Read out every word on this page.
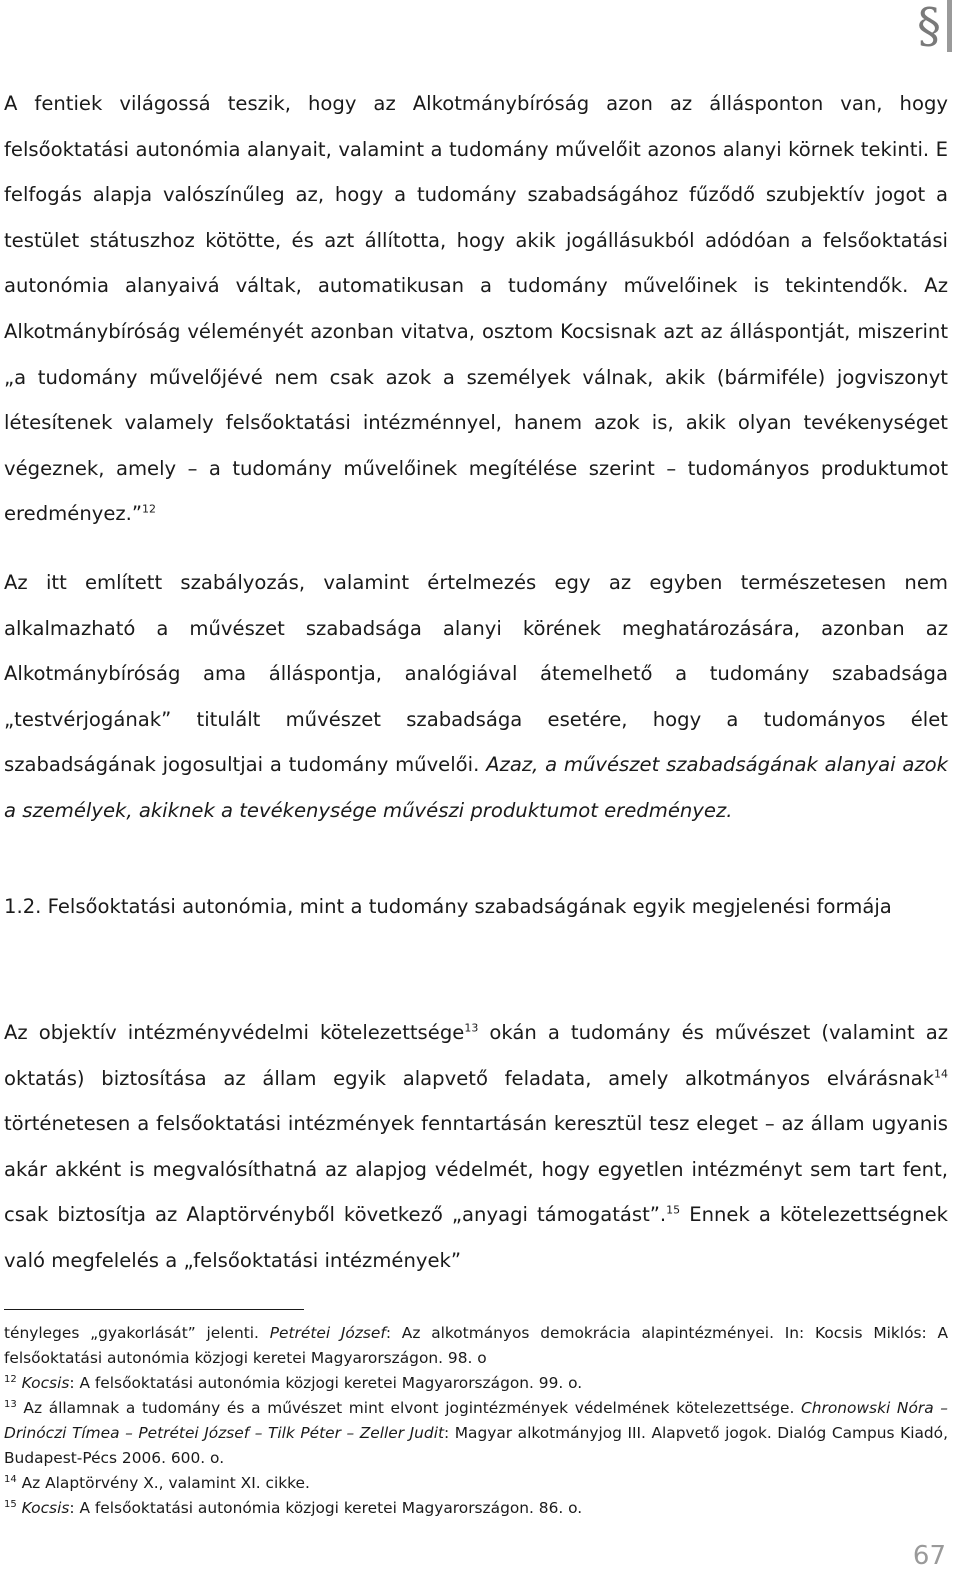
§

A fentiek világossá teszik, hogy az Alkotmánybíróság azon az állásponton van, hogy felsőoktatási autonómia alanyait, valamint a tudomány művelőit azonos alanyi körnek tekinti. E felfogás alapja valószínűleg az, hogy a tudomány szabadságához fűződő szubjektív jogot a testület státuszhoz kötötte, és azt állította, hogy akik jogállásukból adódóan a felsőoktatási autonómia alanyaivá váltak, automatikusan a tudomány művelőinek is tekintendők. Az Alkotmánybíróság véleményét azonban vitatva, osztom Kocsisnak azt az álláspontját, miszerint „a tudomány művelőjévé nem csak azok a személyek válnak, akik (bármiféle) jogviszonyt létesítenek valamely felsőoktatási intézménnyel, hanem azok is, akik olyan tevékenységet végeznek, amely – a tudomány művelőinek megítélése szerint – tudományos produktumot eredményez.”$^{12}$

Az itt említett szabályozás, valamint értelmezés egy az egyben természetesen nem alkalmazható a művészet szabadsága alanyi körének meghatározására, azonban az Alkotmánybíróság ama álláspontja, analógiával átemelhető a tudomány szabadsága „testvérjogának” titulált művészet szabadsága esetére, hogy a tudományos élet szabadságának jogosultjai a tudomány művelői. Azaz, a művészet szabadságának alanyai azok a személyek, akiknek a tevékenysége művészi produktumot eredményez.

1.2. Felsőoktatási autonómia, mint a tudomány szabadságának egyik megjelenési formája

Az objektív intézményvédelmi kötelezettsége$^{13}$ okán a tudomány és művészet (valamint az oktatás) biztosítása az állam egyik alapvető feladata, amely alkotmányos elvárásnak$^{14}$ történetesen a felsőoktatási intézmények fenntartásán keresztül tesz eleget – az állam ugyanis akár akként is megvalósíthatná az alapjog védelmét, hogy egyetlen intézményt sem tart fent, csak biztosítja az Alaptörvényből következő „anyagi támogatást”.$^{15}$ Ennek a kötelezettségnek való megfelelés a „felsőoktatási intézmények”

tényleges „gyakorlását” jelenti. Petrétei József: Az alkotmányos demokrácia alapintézményei. In: Kocsis Miklós: A felsőoktatási autonómia közjogi keretei Magyarországon. 98. o
$^{12}$ Kocsis: A felsőoktatási autonómia közjogi keretei Magyarországon. 99. o.
$^{13}$ Az államnak a tudomány és a művészet mint elvont jogintézmények védelmének kötelezettsége. Chronowski Nóra – Drinóczi Tímea – Petrétei József – Tilk Péter – Zeller Judit: Magyar alkotmányjog III. Alapvető jogok. Dialóg Campus Kiadó, Budapest-Pécs 2006. 600. o.
$^{14}$ Az Alaptörvény X., valamint XI. cikke.
$^{15}$ Kocsis: A felsőoktatási autonómia közjogi keretei Magyarországon. 86. o.
67
